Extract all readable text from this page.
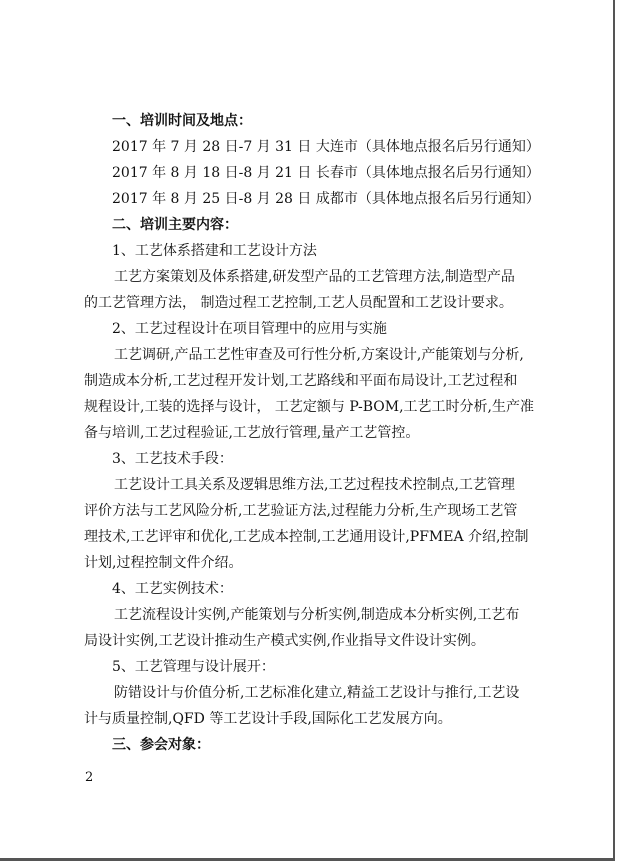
一、培训时间及地点：
2017 年 7 月 28 日-7 月 31 日 大连市（具体地点报名后另行通知）
2017 年 8 月 18 日-8 月 21 日 长春市（具体地点报名后另行通知）
2017 年 8 月 25 日-8 月 28 日 成都市（具体地点报名后另行通知）
二、培训主要内容：
1、工艺体系搭建和工艺设计方法
工艺方案策划及体系搭建,研发型产品的工艺管理方法,制造型产品
的工艺管理方法， 制造过程工艺控制,工艺人员配置和工艺设计要求。
2、工艺过程设计在项目管理中的应用与实施
工艺调研,产品工艺性审查及可行性分析,方案设计,产能策划与分析,
制造成本分析,工艺过程开发计划,工艺路线和平面布局设计,工艺过程和
规程设计,工装的选择与设计， 工艺定额与 P-BOM,工艺工时分析,生产准
备与培训,工艺过程验证,工艺放行管理,量产工艺管控。
3、工艺技术手段：
工艺设计工具关系及逻辑思维方法,工艺过程技术控制点,工艺管理
评价方法与工艺风险分析,工艺验证方法,过程能力分析,生产现场工艺管
理技术,工艺评审和优化,工艺成本控制,工艺通用设计,PFMEA 介绍,控制
计划,过程控制文件介绍。
4、工艺实例技术：
工艺流程设计实例,产能策划与分析实例,制造成本分析实例,工艺布
局设计实例,工艺设计推动生产模式实例,作业指导文件设计实例。
5、工艺管理与设计展开：
防错设计与价值分析,工艺标准化建立,精益工艺设计与推行,工艺设
计与质量控制,QFD 等工艺设计手段,国际化工艺发展方向。
三、参会对象：
2
